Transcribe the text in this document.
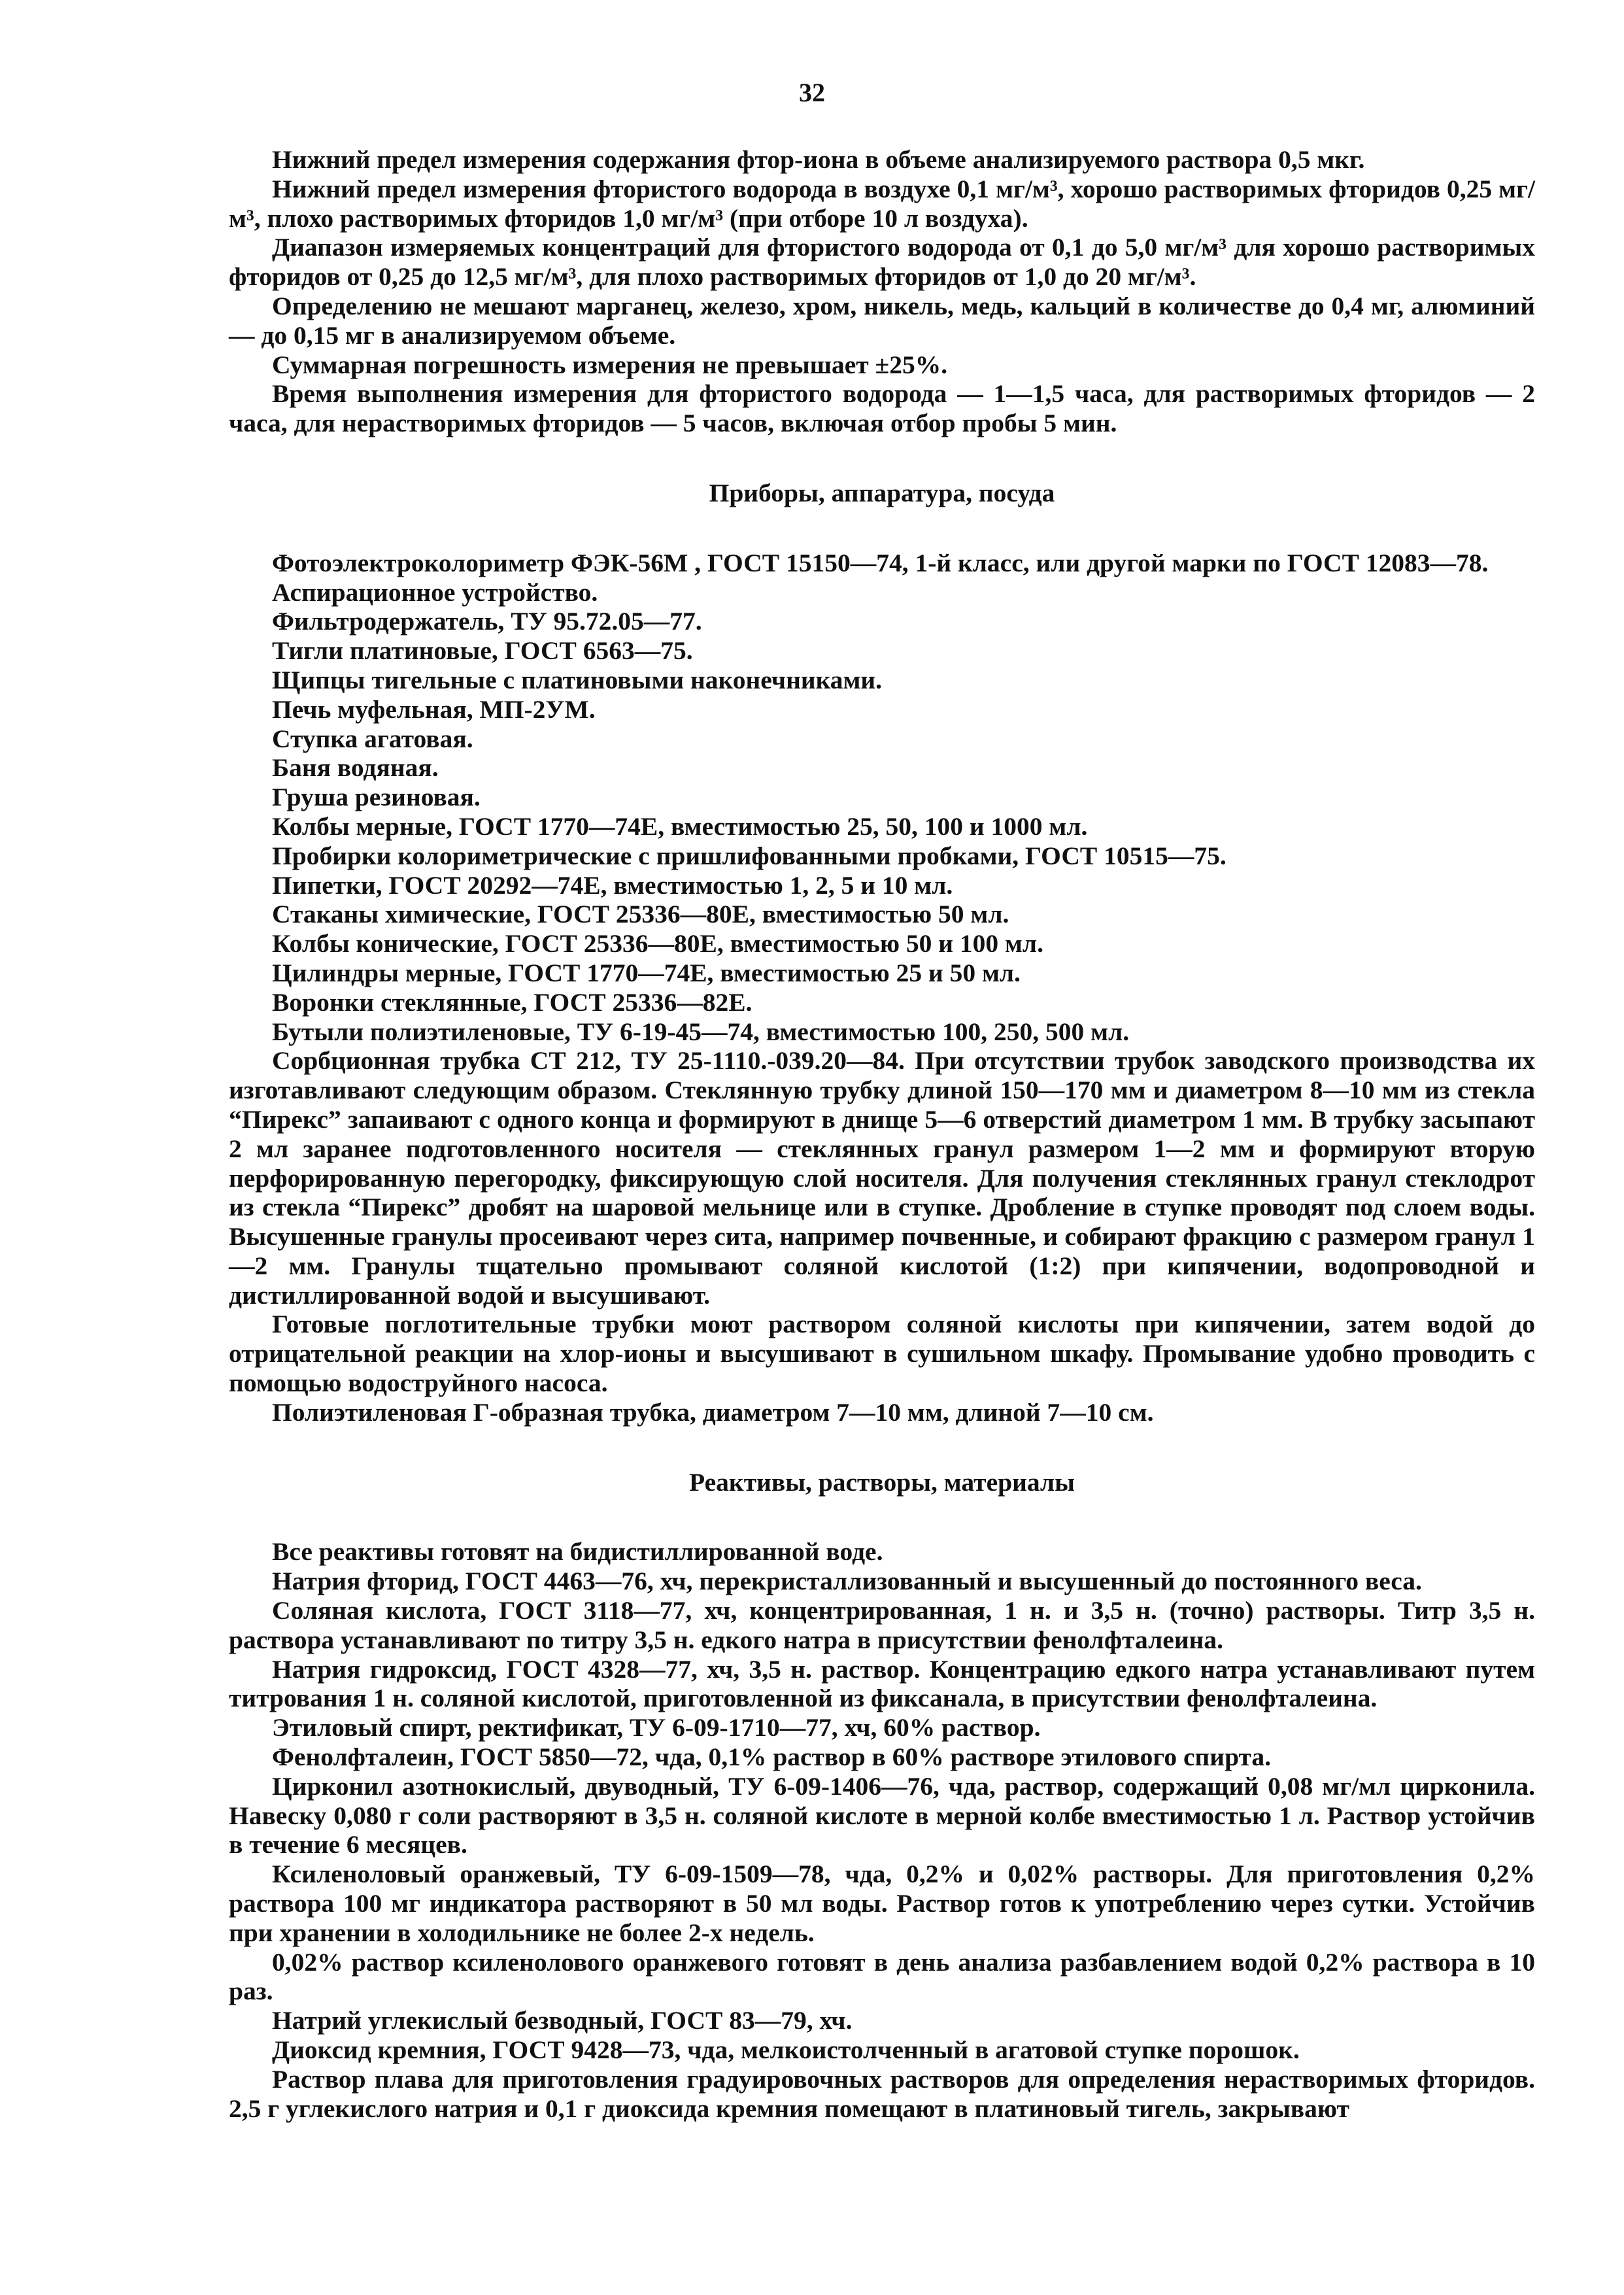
32

Нижний предел измерения содержания фтор-иона в объеме анализируемого раствора 0,5 мкг.

Нижний предел измерения фтористого водорода в воздухе 0,1 мг/м³, хорошо растворимых фторидов 0,25 мг/м³, плохо растворимых фторидов 1,0 мг/м³ (при отборе 10 л воздуха).

Диапазон измеряемых концентраций для фтористого водорода от 0,1 до 5,0 мг/м³ для хорошо растворимых фторидов от 0,25 до 12,5 мг/м³, для плохо растворимых фторидов от 1,0 до 20 мг/м³.

Определению не мешают марганец, железо, хром, никель, медь, кальций в количестве до 0,4 мг, алюминий — до 0,15 мг в анализируемом объеме.

Суммарная погрешность измерения не превышает ±25%.

Время выполнения измерения для фтористого водорода — 1—1,5 часа, для растворимых фторидов — 2 часа, для нерастворимых фторидов — 5 часов, включая отбор пробы 5 мин.

Приборы, аппаратура, посуда

Фотоэлектроколориметр ФЭК-56М , ГОСТ 15150—74, 1-й класс, или другой марки по ГОСТ 12083—78.

Аспирационное устройство.

Фильтродержатель, ТУ 95.72.05—77.

Тигли платиновые, ГОСТ 6563—75.

Щипцы тигельные с платиновыми наконечниками.

Печь муфельная, МП-2УМ.

Ступка агатовая.

Баня водяная.

Груша резиновая.

Колбы мерные, ГОСТ 1770—74Е, вместимостью 25, 50, 100 и 1000 мл.

Пробирки колориметрические с пришлифованными пробками, ГОСТ 10515—75.

Пипетки, ГОСТ 20292—74Е, вместимостью 1, 2, 5 и 10 мл.

Стаканы химические, ГОСТ 25336—80Е, вместимостью 50 мл.

Колбы конические, ГОСТ 25336—80Е, вместимостью 50 и 100 мл.

Цилиндры мерные, ГОСТ 1770—74Е, вместимостью 25 и 50 мл.

Воронки стеклянные, ГОСТ 25336—82Е.

Бутыли полиэтиленовые, ТУ 6-19-45—74, вместимостью 100, 250, 500 мл.

Сорбционная трубка СТ 212, ТУ 25-1110.-039.20—84. При отсутствии трубок заводского производства их изготавливают следующим образом. Стеклянную трубку длиной 150—170 мм и диаметром 8—10 мм из стекла “Пирекс” запаивают с одного конца и формируют в днище 5—6 отверстий диаметром 1 мм. В трубку засыпают 2 мл заранее подготовленного носителя — стеклянных гранул размером 1—2 мм и формируют вторую перфорированную перегородку, фиксирующую слой носителя. Для получения стеклянных гранул стеклодрот из стекла “Пирекс” дробят на шаровой мельнице или в ступке. Дробление в ступке проводят под слоем воды. Высушенные гранулы просеивают через сита, например почвенные, и собирают фракцию с размером гранул 1—2 мм. Гранулы тщательно промывают соляной кислотой (1:2) при кипячении, водопроводной и дистиллированной водой и высушивают.

Готовые поглотительные трубки моют раствором соляной кислоты при кипячении, затем водой до отрицательной реакции на хлор-ионы и высушивают в сушильном шкафу. Промывание удобно проводить с помощью водоструйного насоса.

Полиэтиленовая Г-образная трубка, диаметром 7—10 мм, длиной 7—10 см.

Реактивы, растворы, материалы

Все реактивы готовят на бидистиллированной воде.

Натрия фторид, ГОСТ 4463—76, хч, перекристаллизованный и высушенный до постоянного веса.

Соляная кислота, ГОСТ 3118—77, хч, концентрированная, 1 н. и 3,5 н. (точно) растворы. Титр 3,5 н. раствора устанавливают по титру 3,5 н. едкого натра в присутствии фенолфталеина.

Натрия гидроксид, ГОСТ 4328—77, хч, 3,5 н. раствор. Концентрацию едкого натра устанавливают путем титрования 1 н. соляной кислотой, приготовленной из фиксанала, в присутствии фенолфталеина.

Этиловый спирт, ректификат, ТУ 6-09-1710—77, хч, 60% раствор.

Фенолфталеин, ГОСТ 5850—72, чда, 0,1% раствор в 60% растворе этилового спирта.

Цирконил азотнокислый, двуводный, ТУ 6-09-1406—76, чда, раствор, содержащий 0,08 мг/мл цирконила. Навеску 0,080 г соли растворяют в 3,5 н. соляной кислоте в мерной колбе вместимостью 1 л. Раствор устойчив в течение 6 месяцев.

Ксиленоловый оранжевый, ТУ 6-09-1509—78, чда, 0,2% и 0,02% растворы. Для приготовления 0,2% раствора 100 мг индикатора растворяют в 50 мл воды. Раствор готов к употреблению через сутки. Устойчив при хранении в холодильнике не более 2-х недель.

0,02% раствор ксиленолового оранжевого готовят в день анализа разбавлением водой 0,2% раствора в 10 раз.

Натрий углекислый безводный, ГОСТ 83—79, хч.

Диоксид кремния, ГОСТ 9428—73, чда, мелкоистолченный в агатовой ступке порошок.

Раствор плава для приготовления градуировочных растворов для определения нерастворимых фторидов. 2,5 г углекислого натрия и 0,1 г диоксида кремния помещают в платиновый тигель, закрывают
